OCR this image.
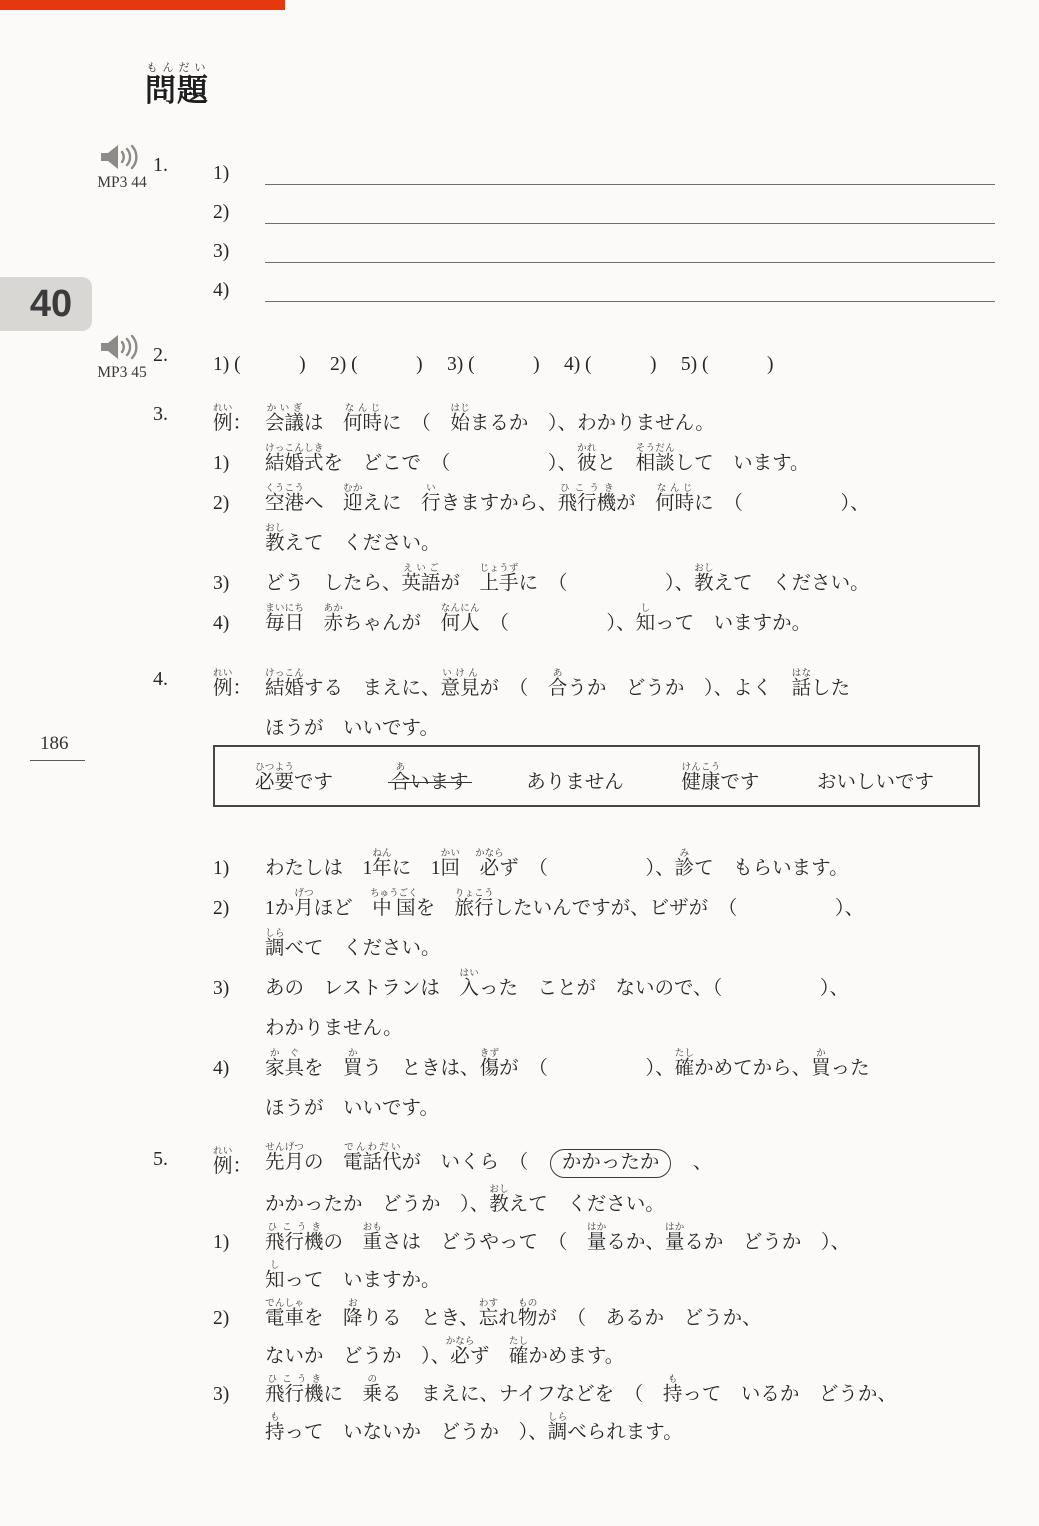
40
問題もんだい
186
MP3 44
1. 1)
2)
3)
4)
MP3 45
2. 1) (　　　)　 2) (　　　)　 3) (　　　)　 4) (　　　)　 5) (　　　)
3. 例れい： 会議かいぎは　何時なんじに　（　始はじまるか　）、わかりません。
1)	結婚式けっこんしきを　どこで　（　　　　　）、彼かれと　相談そうだんして　います。
2)	空港くうこうへ　迎むかえに　行いきますから、飛行機ひこうきが　何時なんじに　（　　　　　）、
教おしえて　ください。
3)	どう　したら、英語えいごが　上手じょうずに　（　　　　　）、教おしえて　ください。
4)	毎日まいにち　赤あかちゃんが　何人なんにん　（　　　　　）、知しって　いますか。
4. 例れい： 結婚けっこんする　まえに、意見いけんが　（　合あうか　どうか　）、よく　話はなした
ほうが　いいです。
必要ひつようです	合あいます	ありません	健康けんこうです	おいしいです
1)	わたしは　1年ねんに　1回かい　必かならず　（　　　　　）、診みて　もらいます。
2)	1か月げつほど　中国ちゅうごくを　旅行りょこうしたいんですが、ビザが　（　　　　　）、
調しらべて　ください。
3)	あの　レストランは　入はいった　ことが　ないので、（　　　　　）、
わかりません。
4)	家具かぐを　買かう　ときは、傷きずが　（　　　　　）、確たしかめてから、買かった
ほうが　いいです。
5. 例れい： 先月せんげつの　電話代でんわだいが　いくら　（　かかったか　、
かかったか　どうか　）、教おしえて　ください。
1)	飛行機ひこうきの　重おもさは　どうやって　（　量はかるか、量はかるか　どうか　）、
知しって　いますか。
2)	電車でんしゃを　降おりる　とき、忘わすれ物ものが　（　あるか　どうか、
ないか　どうか　）、必かならず　確たしかめます。
3)	飛行機ひこうきに　乗のる　まえに、ナイフなどを　（　持もって　いるか　どうか、
持もって　いないか　どうか　）、調しらべられます。
